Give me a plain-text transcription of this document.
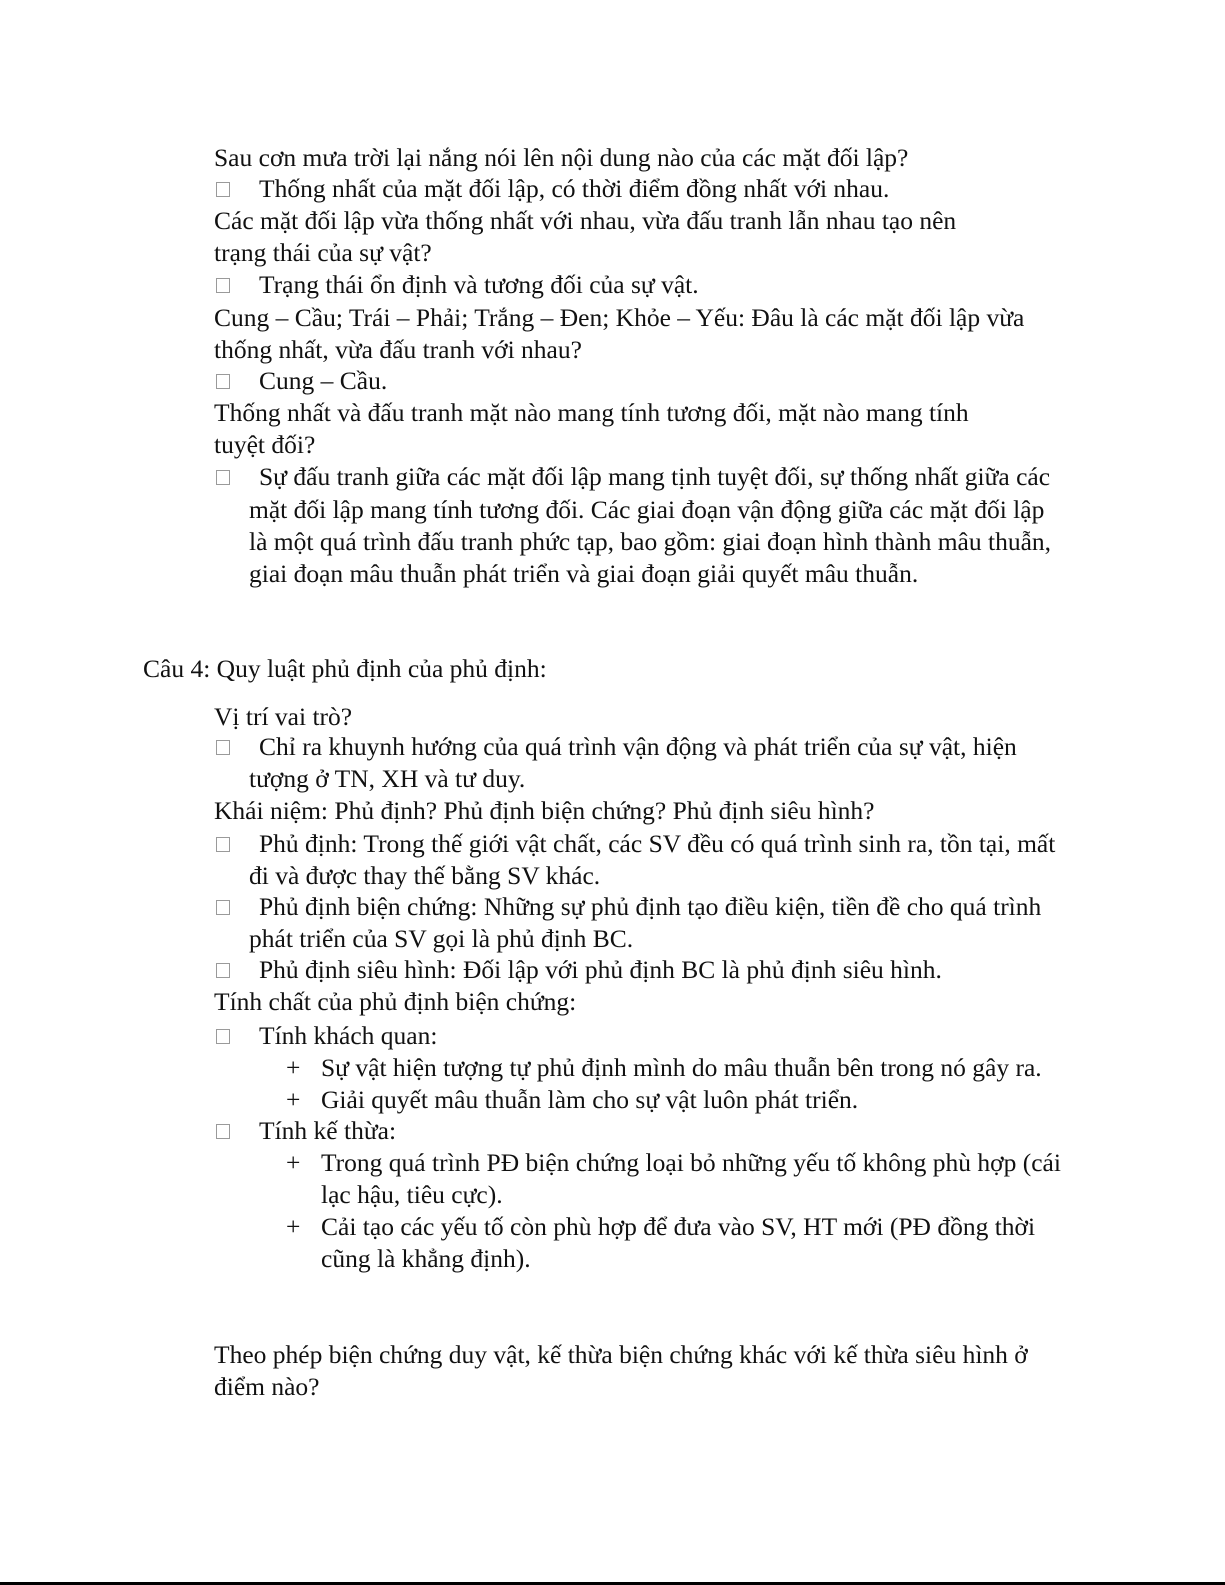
Sau cơn mưa trời lại nắng nói lên nội dung nào của các mặt đối lập?
Thống nhất của mặt đối lập, có thời điểm đồng nhất với nhau.
Các mặt đối lập vừa thống nhất với nhau, vừa đấu tranh lẫn nhau tạo nên
trạng thái của sự vật?
Trạng thái ổn định và tương đối của sự vật.
Cung – Cầu; Trái – Phải; Trắng – Đen; Khỏe – Yếu: Đâu là các mặt đối lập vừa
thống nhất, vừa đấu tranh với nhau?
Cung – Cầu.
Thống nhất và đấu tranh mặt nào mang tính tương đối, mặt nào mang tính
tuyệt đối?
Sự đấu tranh giữa các mặt đối lập mang tịnh tuyệt đối, sự thống nhất giữa các
mặt đối lập mang tính tương đối. Các giai đoạn vận động giữa các mặt đối lập
là một quá trình đấu tranh phức tạp, bao gồm: giai đoạn hình thành mâu thuẫn,
giai đoạn mâu thuẫn phát triển và giai đoạn giải quyết mâu thuẫn.
Câu 4: Quy luật phủ định của phủ định:
Vị trí vai trò?
Chỉ ra khuynh hướng của quá trình vận động và phát triển của sự vật, hiện
tượng ở TN, XH và tư duy.
Khái niệm: Phủ định? Phủ định biện chứng? Phủ định siêu hình?
Phủ định: Trong thế giới vật chất, các SV đều có quá trình sinh ra, tồn tại, mất
đi và được thay thế bằng SV khác.
Phủ định biện chứng: Những sự phủ định tạo điều kiện, tiền đề cho quá trình
phát triển của SV gọi là phủ định BC.
Phủ định siêu hình: Đối lập với phủ định BC là phủ định siêu hình.
Tính chất của phủ định biện chứng:
Tính khách quan:
+ Sự vật hiện tượng tự phủ định mình do mâu thuẫn bên trong nó gây ra.
+ Giải quyết mâu thuẫn làm cho sự vật luôn phát triển.
Tính kế thừa:
+ Trong quá trình PĐ biện chứng loại bỏ những yếu tố không phù hợp (cái
lạc hậu, tiêu cực).
+ Cải tạo các yếu tố còn phù hợp để đưa vào SV, HT mới (PĐ đồng thời
cũng là khẳng định).
Theo phép biện chứng duy vật, kế thừa biện chứng khác với kế thừa siêu hình ở
điểm nào?
